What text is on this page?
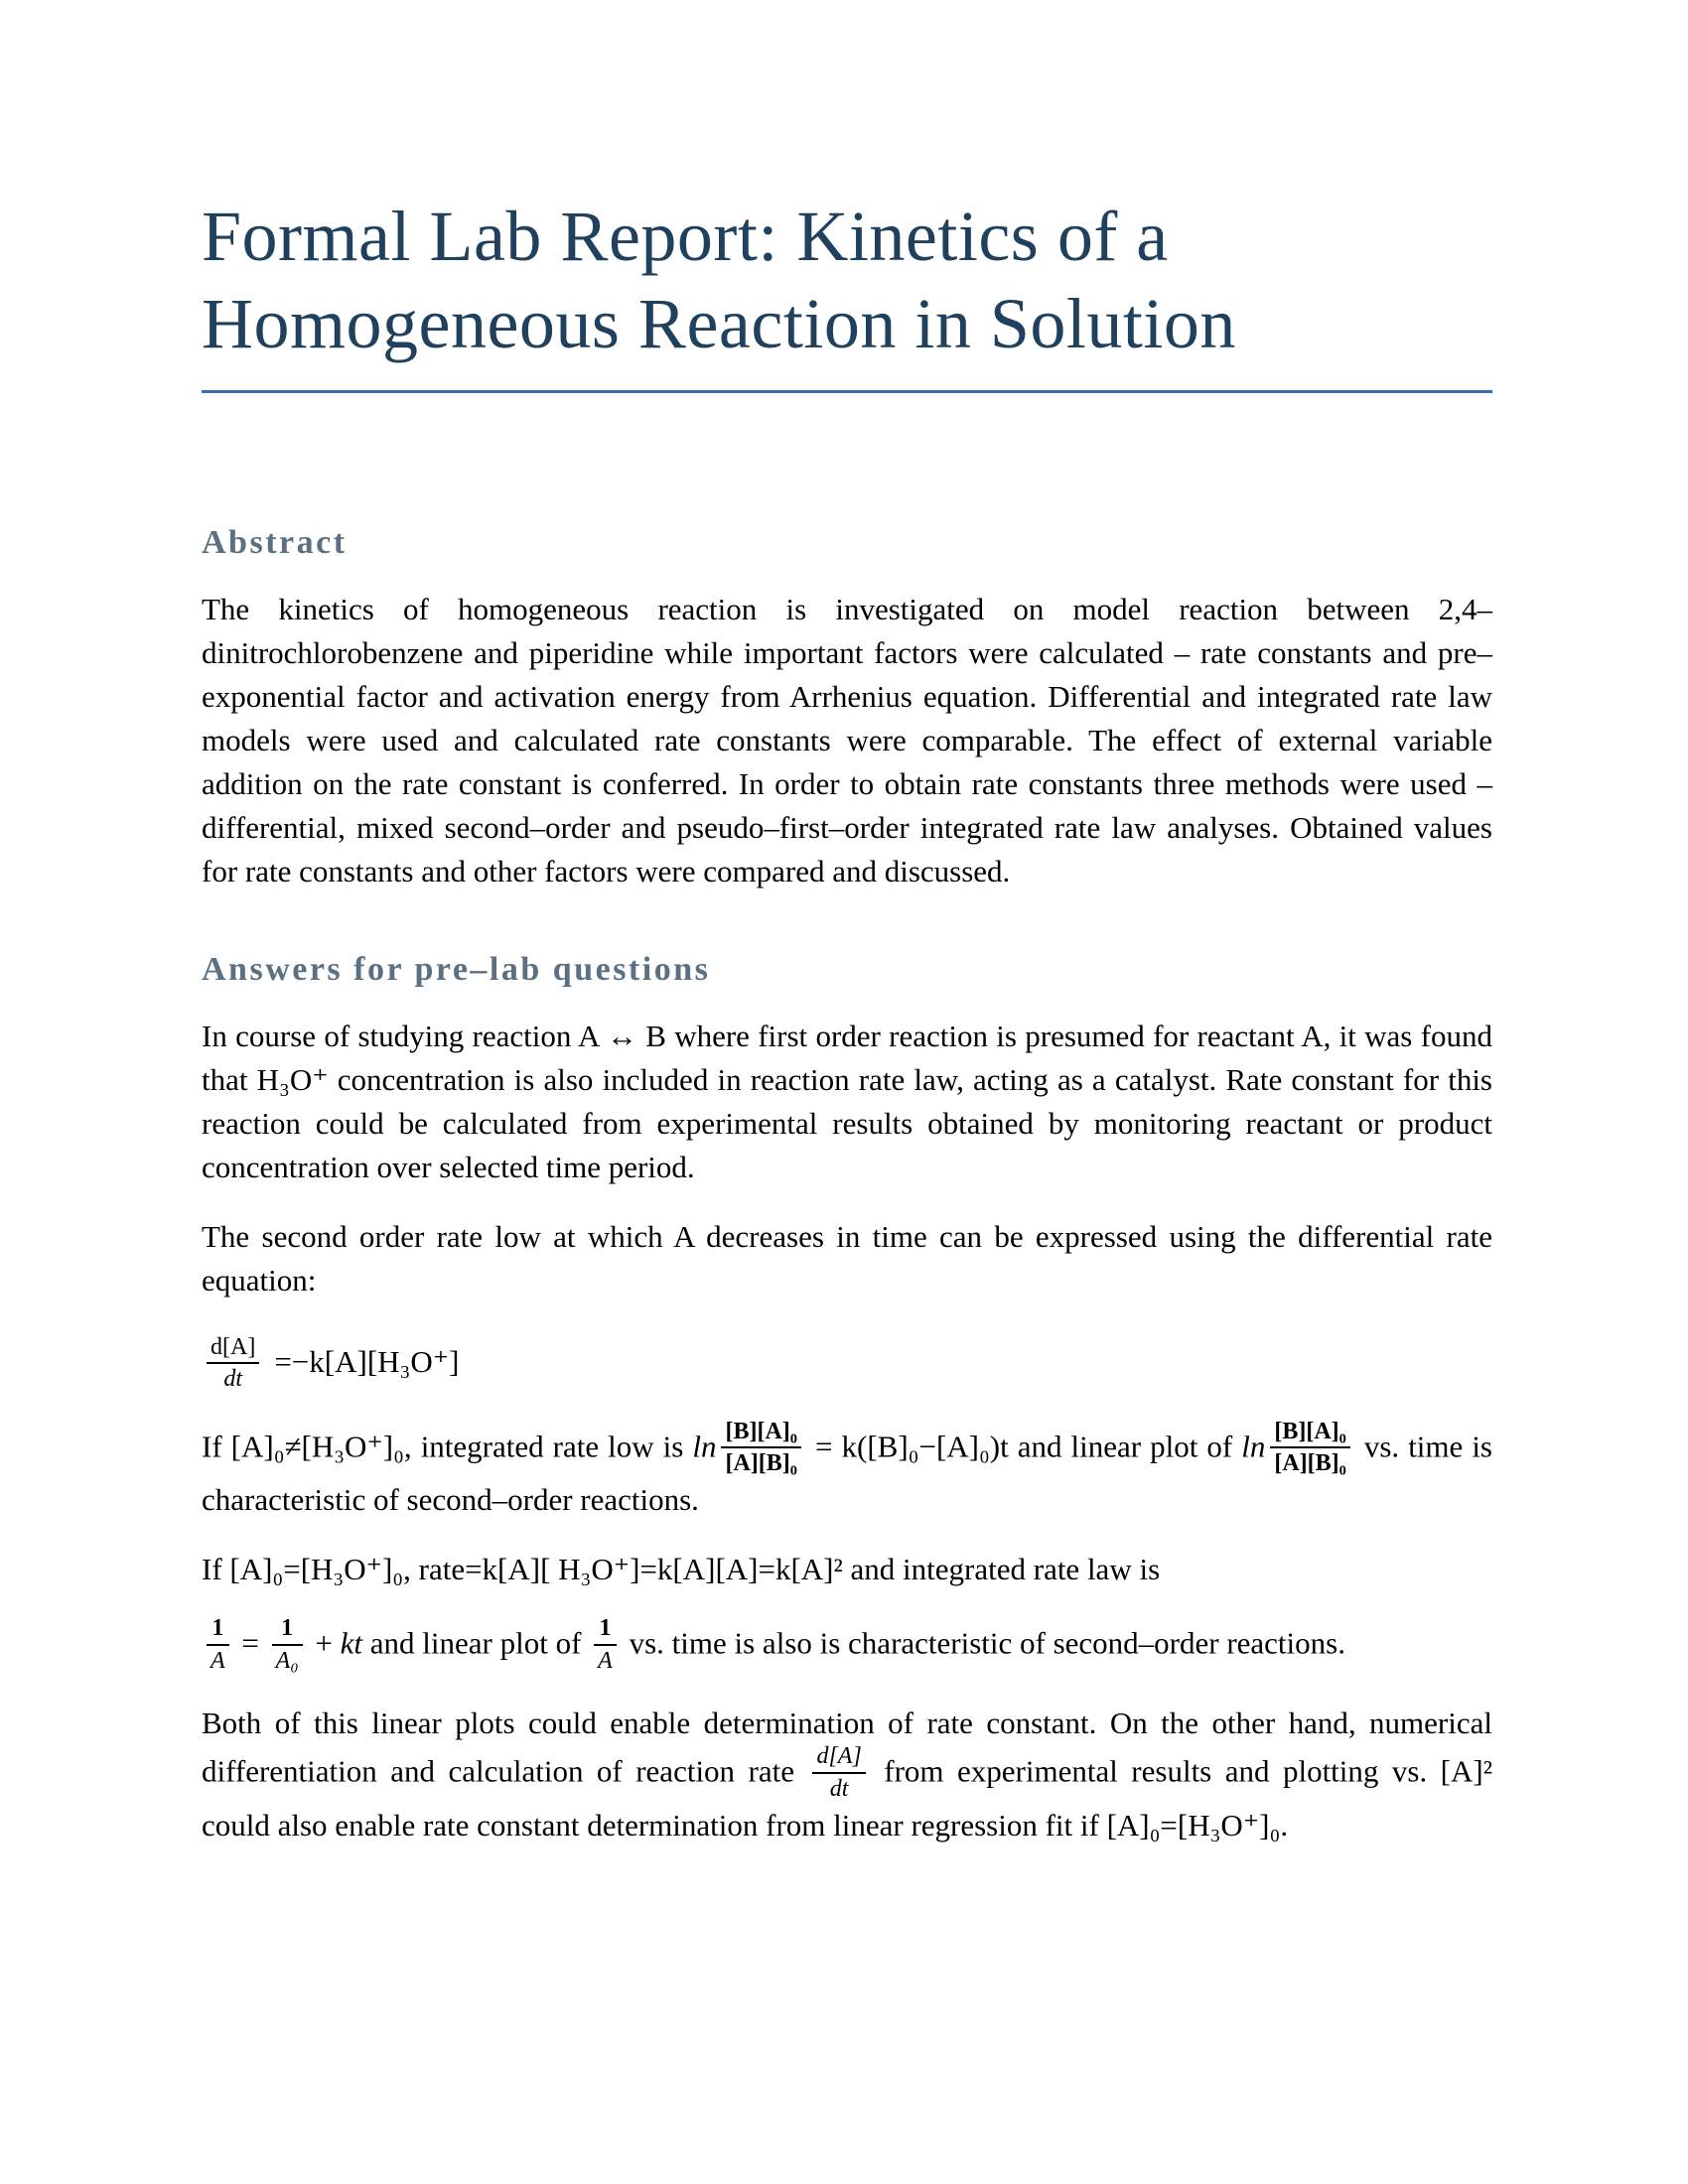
Formal Lab Report: Kinetics of a
Homogeneous Reaction in Solution
Abstract

The kinetics of homogeneous reaction is investigated on model reaction between 2,4–dinitrochlorobenzene and piperidine while important factors were calculated – rate constants and pre–exponential factor and activation energy from Arrhenius equation. Differential and integrated rate law models were used and calculated rate constants were comparable. The effect of external variable addition on the rate constant is conferred. In order to obtain rate constants three methods were used – differential, mixed second–order and pseudo–first–order integrated rate law analyses. Obtained values for rate constants and other factors were compared and discussed.

Answers for pre–lab questions

In course of studying reaction A ↔ B where first order reaction is presumed for reactant A, it was found that H₃O⁺ concentration is also included in reaction rate law, acting as a catalyst. Rate constant for this reaction could be calculated from experimental results obtained by monitoring reactant or product concentration over selected time period.

The second order rate low at which A decreases in time can be expressed using the differential rate equation:

$\frac{d[A]}{dt} =-k[A][H_3O^+]$

If [A]₀≠[H₃O⁺]₀, integrated rate low is $\ln \frac{\text{[B][A]₀}}{\text{[A][B]₀}} = k([B]_0-[A]_0)t$ and linear plot of $\ln \frac{\text{[B][A]₀}}{\text{[A][B]₀}}$ vs. time is characteristic of second–order reactions.

If [A]₀=[H₃O⁺]₀, rate=k[A][ H₃O⁺]=k[A][A]=k[A]² and integrated rate law is

$\frac{1}{A} = \frac{1}{\text{A₀}}$ + kt and linear plot of $\frac{1}{A}$ vs. time is also is characteristic of second–order reactions.

Both of this linear plots could enable determination of rate constant. On the other hand, numerical differentiation and calculation of reaction rate $\frac{d[A]}{dt}$ from experimental results and plotting vs. [A]² could also enable rate constant determination from linear regression fit if [A]₀=[H₃O⁺]₀.
